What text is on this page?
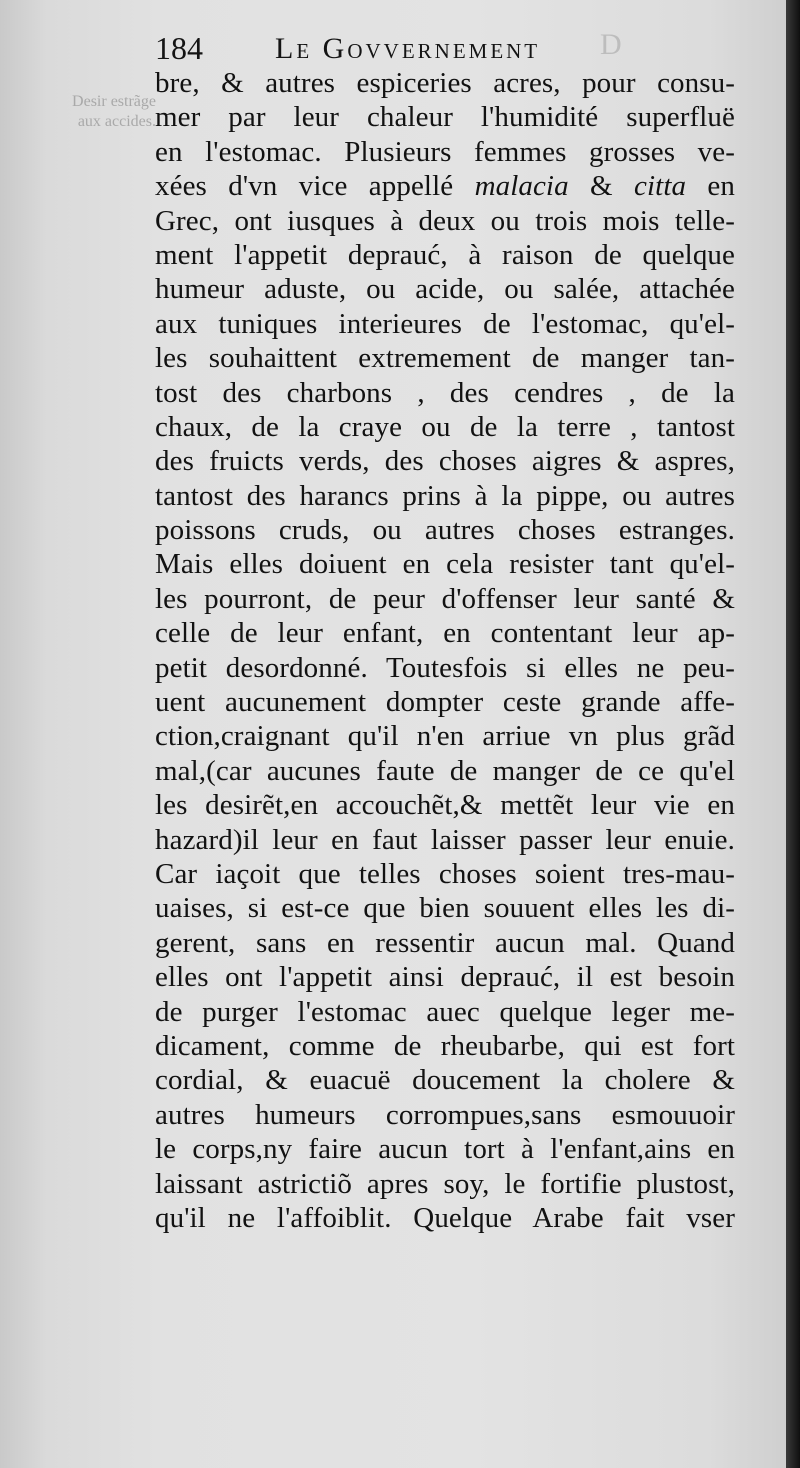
D
184 Le Govvernement
Desir estrãge
aux accides.
bre, & autres espiceries acres, pour consu-
mer par leur chaleur l'humidité superfluë
en l'estomac. Plusieurs femmes grosses ve-
xées d'vn vice appellé malacia & citta en
Grec, ont iusques à deux ou trois mois telle-
ment l'appetit deprauć, à raison de quelque
humeur aduste, ou acide, ou salée, attachée
aux tuniques interieures de l'estomac, qu'el-
les souhaittent extremement de manger tan-
tost des charbons , des cendres , de la
chaux, de la craye ou de la terre , tantost
des fruicts verds, des choses aigres & aspres,
tantost des harancs prins à la pippe, ou autres
poissons cruds, ou autres choses estranges.
Mais elles doiuent en cela resister tant qu'el-
les pourront, de peur d'offenser leur santé &
celle de leur enfant, en contentant leur ap-
petit desordonné. Toutesfois si elles ne peu-
uent aucunement dompter ceste grande affe-
ction,craignant qu'il n'en arriue vn plus grãd
mal,(car aucunes faute de manger de ce qu'el
les desirẽt,en accouchẽt,& mettẽt leur vie en
hazard)il leur en faut laisser passer leur enuie.
Car iaçoit que telles choses soient tres-mau-
uaises, si est-ce que bien souuent elles les di-
gerent, sans en ressentir aucun mal. Quand
elles ont l'appetit ainsi deprauć, il est besoin
de purger l'estomac auec quelque leger me-
dicament, comme de rheubarbe, qui est fort
cordial, & euacuë doucement la cholere &
autres humeurs corrompues,sans esmouuoir
le corps,ny faire aucun tort à l'enfant,ains en
laissant astrictiõ apres soy, le fortifie plustost,
qu'il ne l'affoiblit. Quelque Arabe fait vser
